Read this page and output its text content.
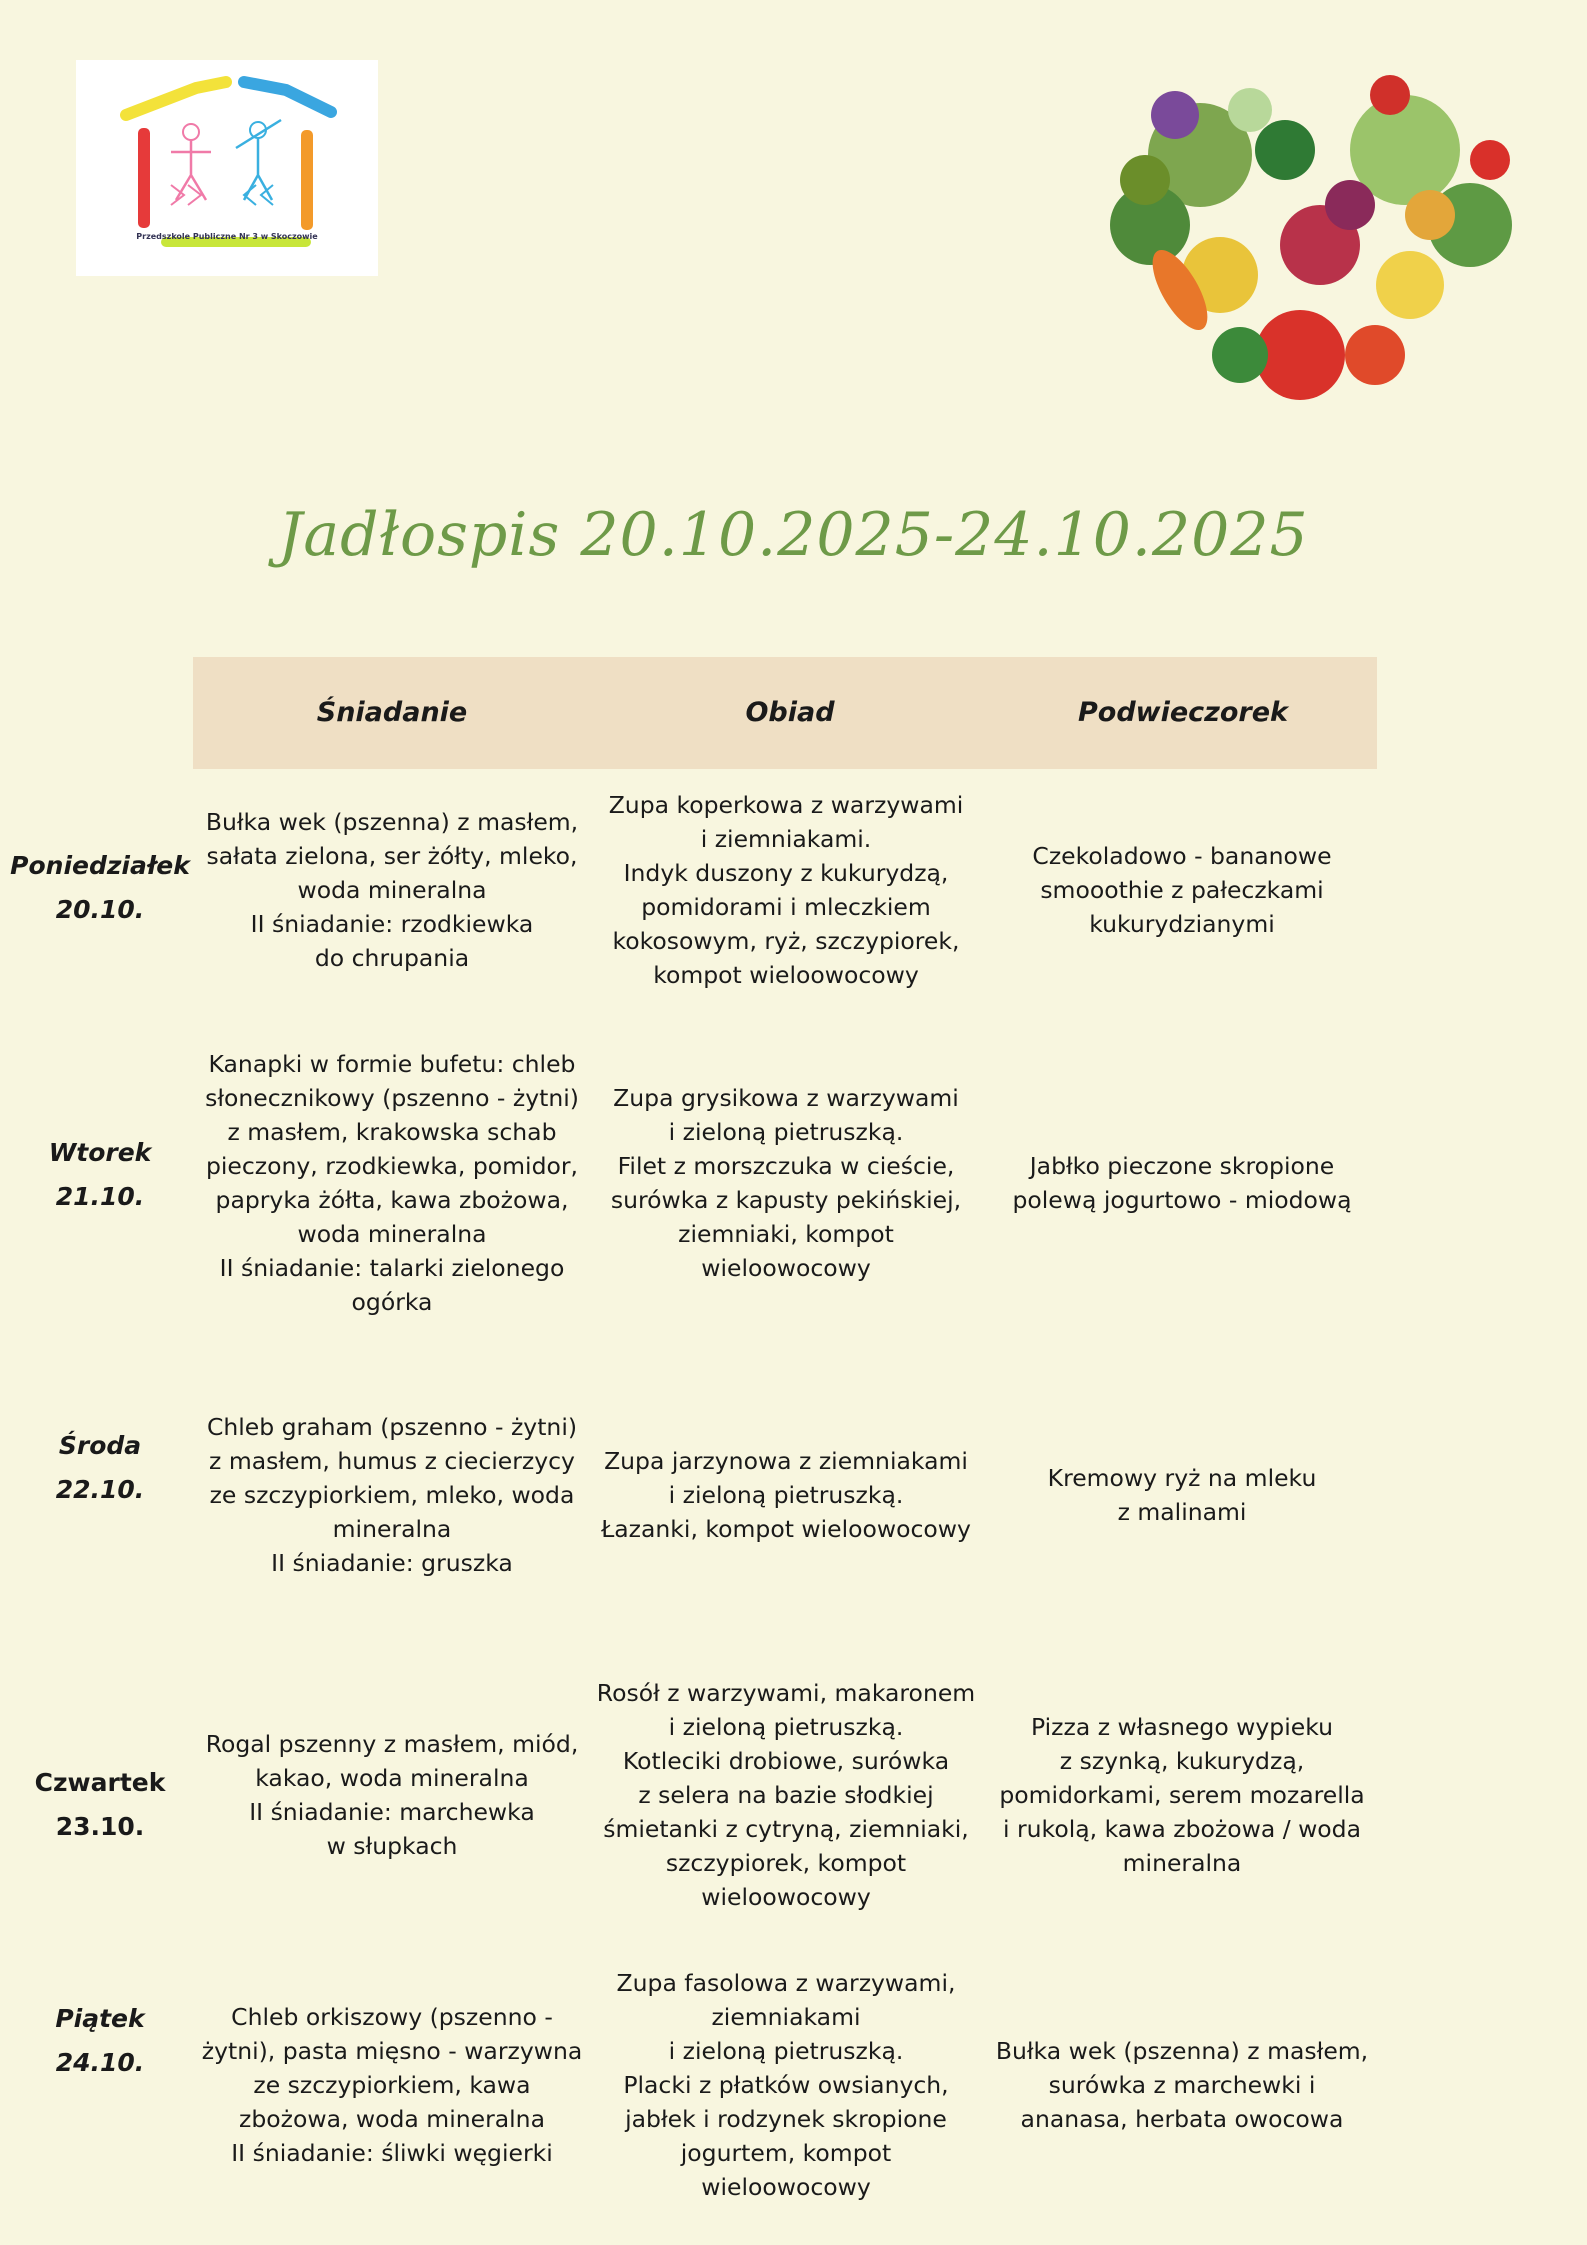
Przedszkole Publiczne Nr 3 w Skoczowie
Jadłospis 20.10.2025-24.10.2025
Śniadanie	Obiad	Podwieczorek
Poniedziałek
20.10.
Bułka wek (pszenna) z masłem,
sałata zielona, ser żółty, mleko,
woda mineralna
II śniadanie: rzodkiewka
do chrupania
Zupa koperkowa z warzywami
i ziemniakami.
Indyk duszony z kukurydzą,
pomidorami i mleczkiem
kokosowym, ryż, szczypiorek,
kompot wieloowocowy
Czekoladowo - bananowe
smooothie z pałeczkami
kukurydzianymi
Wtorek
21.10.
Kanapki w formie bufetu: chleb
słonecznikowy (pszenno - żytni)
z masłem, krakowska schab
pieczony, rzodkiewka, pomidor,
papryka żółta, kawa zbożowa,
woda mineralna
II śniadanie: talarki zielonego
ogórka
Zupa grysikowa z warzywami
i zieloną pietruszką.
Filet z morszczuka w cieście,
surówka z kapusty pekińskiej,
ziemniaki, kompot
wieloowocowy
Jabłko pieczone skropione
polewą jogurtowo - miodową
Środa
22.10.
Chleb graham (pszenno - żytni)
z masłem, humus z ciecierzycy
ze szczypiorkiem, mleko, woda
mineralna
II śniadanie: gruszka
Zupa jarzynowa z ziemniakami
i zieloną pietruszką.
Łazanki, kompot wieloowocowy
Kremowy ryż na mleku
z malinami
Czwartek
23.10.
Rogal pszenny z masłem, miód,
kakao, woda mineralna
II śniadanie: marchewka
w słupkach
Rosół z warzywami, makaronem
i zieloną pietruszką.
Kotleciki drobiowe, surówka
z selera na bazie słodkiej
śmietanki z cytryną, ziemniaki,
szczypiorek, kompot
wieloowocowy
Pizza z własnego wypieku
z szynką, kukurydzą,
pomidorkami, serem mozarella
i rukolą, kawa zbożowa / woda
mineralna
Piątek
24.10.
Chleb orkiszowy (pszenno -
żytni), pasta mięsno - warzywna
ze szczypiorkiem, kawa
zbożowa, woda mineralna
II śniadanie: śliwki węgierki
Zupa fasolowa z warzywami,
ziemniakami
i zieloną pietruszką.
Placki z płatków owsianych,
jabłek i rodzynek skropione
jogurtem, kompot
wieloowocowy
Bułka wek (pszenna) z masłem,
surówka z marchewki i
ananasa, herbata owocowa
